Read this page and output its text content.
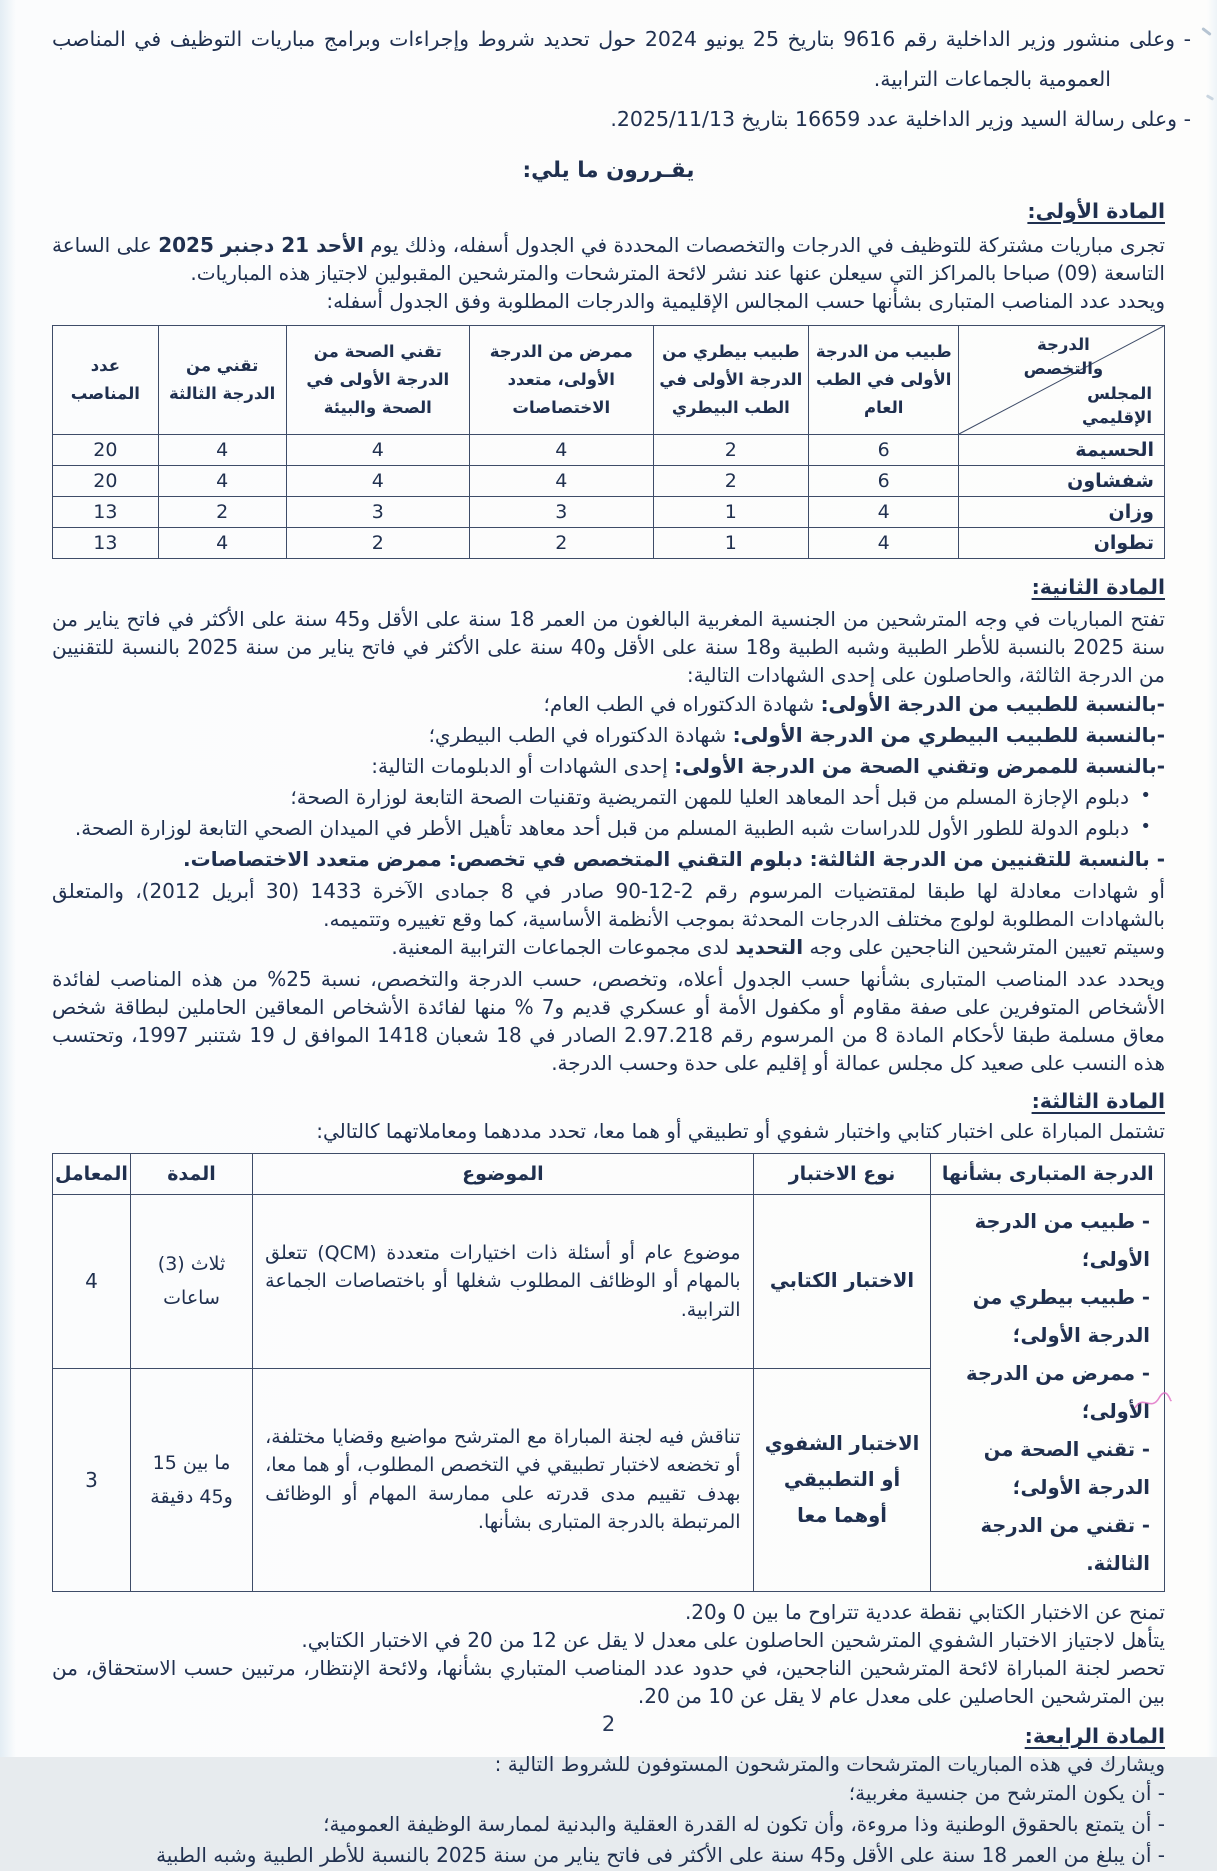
- وعلى منشور وزير الداخلية رقم 9616 بتاريخ 25 يونيو 2024 حول تحديد شروط وإجراءات وبرامج مباريات التوظيف في المناصب العمومية بالجماعات الترابية.
- وعلى رسالة السيد وزير الداخلية عدد 16659 بتاريخ 2025/11/13.
يقـررون ما يلي:
المادة الأولى:
تجرى مباريات مشتركة للتوظيف في الدرجات والتخصصات المحددة في الجدول أسفله، وذلك يوم الأحد 21 دجنبر 2025 على الساعة التاسعة (09) صباحا بالمراكز التي سيعلن عنها عند نشر لائحة المترشحات والمترشحين المقبولين لاجتياز هذه المباريات.
ويحدد عدد المناصب المتبارى بشأنها حسب المجالس الإقليمية والدرجات المطلوبة وفق الجدول أسفله:
الدرجة والتخصص
المجلس الإقليمي	طبيب من الدرجة الأولى في الطب العام	طبيب بيطري من الدرجة الأولى في الطب البيطري	ممرض من الدرجة الأولى، متعدد الاختصاصات	تقني الصحة من الدرجة الأولى في الصحة والبيئة	تقني من الدرجة الثالثة	عدد المناصب
الحسيمة	6	2	4	4	4	20
شفشاون	6	2	4	4	4	20
وزان	4	1	3	3	2	13
تطوان	4	1	2	2	4	13
المادة الثانية:
تفتح المباريات في وجه المترشحين من الجنسية المغربية البالغون من العمر 18 سنة على الأقل و45 سنة على الأكثر في فاتح يناير من سنة 2025 بالنسبة للأطر الطبية وشبه الطبية و18 سنة على الأقل و40 سنة على الأكثر في فاتح يناير من سنة 2025 بالنسبة للتقنيين من الدرجة الثالثة، والحاصلون على إحدى الشهادات التالية:
-بالنسبة للطبيب من الدرجة الأولى: شهادة الدكتوراه في الطب العام؛
-بالنسبة للطبيب البيطري من الدرجة الأولى: شهادة الدكتوراه في الطب البيطري؛
-بالنسبة للممرض وتقني الصحة من الدرجة الأولى: إحدى الشهادات أو الدبلومات التالية:
• دبلوم الإجازة المسلم من قبل أحد المعاهد العليا للمهن التمريضية وتقنيات الصحة التابعة لوزارة الصحة؛
• دبلوم الدولة للطور الأول للدراسات شبه الطبية المسلم من قبل أحد معاهد تأهيل الأطر في الميدان الصحي التابعة لوزارة الصحة.
- بالنسبة للتقنيين من الدرجة الثالثة: دبلوم التقني المتخصص في تخصص: ممرض متعدد الاختصاصات.
أو شهادات معادلة لها طبقا لمقتضيات المرسوم رقم 2-12-90 صادر في 8 جمادى الآخرة 1433 (30 أبريل 2012)، والمتعلق بالشهادات المطلوبة لولوج مختلف الدرجات المحدثة بموجب الأنظمة الأساسية، كما وقع تغييره وتتميمه.
وسيتم تعيين المترشحين الناجحين على وجه التحديد لدى مجموعات الجماعات الترابية المعنية.
ويحدد عدد المناصب المتبارى بشأنها حسب الجدول أعلاه، وتخصص، حسب الدرجة والتخصص، نسبة 25% من هذه المناصب لفائدة الأشخاص المتوفرين على صفة مقاوم أو مكفول الأمة أو عسكري قديم و7 % منها لفائدة الأشخاص المعاقين الحاملين لبطاقة شخص معاق مسلمة طبقا لأحكام المادة 8 من المرسوم رقم 2.97.218 الصادر في 18 شعبان 1418 الموافق ل 19 شتنبر 1997، وتحتسب هذه النسب على صعيد كل مجلس عمالة أو إقليم على حدة وحسب الدرجة.
المادة الثالثة:
تشتمل المباراة على اختبار كتابي واختبار شفوي أو تطبيقي أو هما معا، تحدد مددهما ومعاملاتهما كالتالي:
الدرجة المتبارى بشأنها	نوع الاختبار	الموضوع	المدة	المعامل

- طبيب من الدرجة الأولى؛
- طبيب بيطري من الدرجة الأولى؛
- ممرض من الدرجة الأولى؛
- تقني الصحة من الدرجة الأولى؛
- تقني من الدرجة الثالثة.	الاختبار الكتابي	موضوع عام أو أسئلة ذات اختيارات متعددة (QCM) تتعلق بالمهام أو الوظائف المطلوب شغلها أو باختصاصات الجماعة الترابية.	ثلاث (3) ساعات	4
	الاختبار الشفوي أو التطبيقي أوهما معا	تناقش فيه لجنة المباراة مع المترشح مواضيع وقضايا مختلفة، أو تخضعه لاختبار تطبيقي في التخصص المطلوب، أو هما معا، بهدف تقييم مدى قدرته على ممارسة المهام أو الوظائف المرتبطة بالدرجة المتبارى بشأنها.	ما بين 15 و45 دقيقة	3
تمنح عن الاختبار الكتابي نقطة عددية تتراوح ما بين 0 و20.
يتأهل لاجتياز الاختبار الشفوي المترشحين الحاصلون على معدل لا يقل عن 12 من 20 في الاختبار الكتابي.
تحصر لجنة المباراة لائحة المترشحين الناجحين، في حدود عدد المناصب المتباري بشأنها، ولائحة الإنتظار، مرتبين حسب الاستحقاق، من بين المترشحين الحاصلين على معدل عام لا يقل عن 10 من 20.
المادة الرابعة:
ويشارك في هذه المباريات المترشحات والمترشحون المستوفون للشروط التالية :
- أن يكون المترشح من جنسية مغربية؛
- أن يتمتع بالحقوق الوطنية وذا مروءة، وأن تكون له القدرة العقلية والبدنية لممارسة الوظيفة العمومية؛
- أن يبلغ من العمر 18 سنة على الأقل و45 سنة على الأكثر فى فاتح يناير من سنة 2025 بالنسبة للأطر الطبية وشبه الطبية
2
